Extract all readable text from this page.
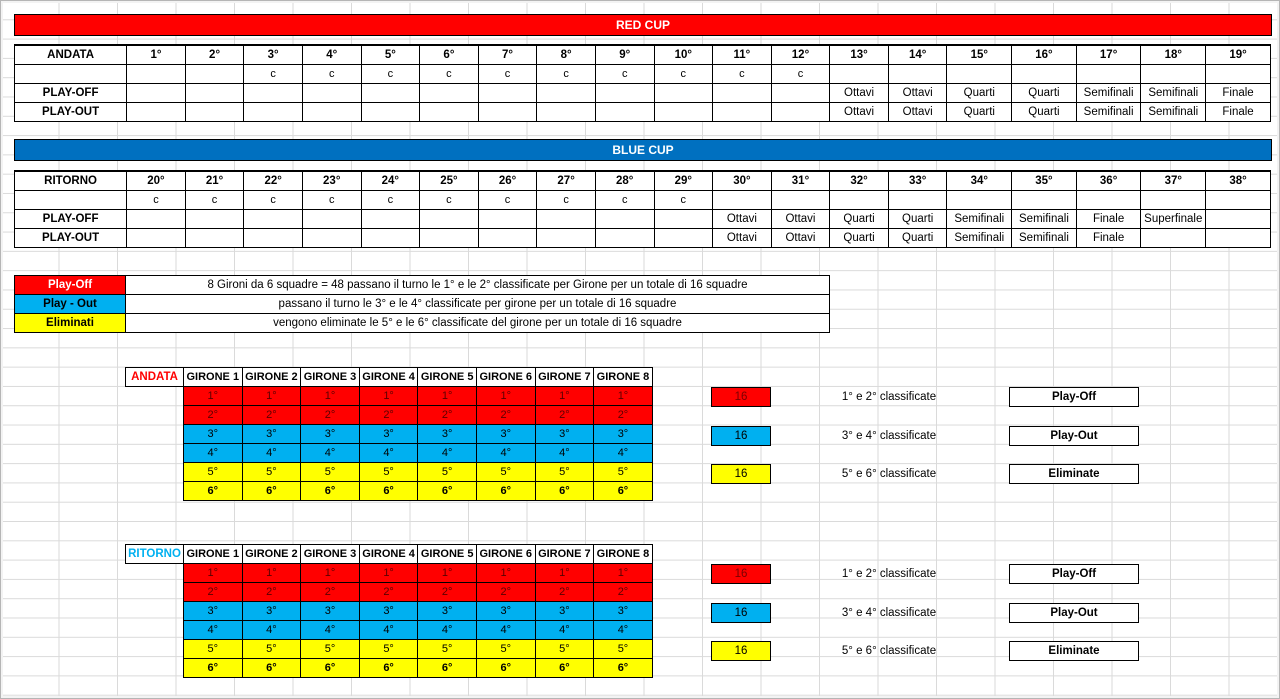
RED CUP
ANDATA	1°	2°	3°	4°	5°	6°	7°	8°	9°	10°	11°	12°	13°	14°	15°	16°	17°	18°	19°
			c	c	c	c	c	c	c	c	c	c							
PLAY-OFF													Ottavi	Ottavi	Quarti	Quarti	Semifinali	Semifinali	Finale
PLAY-OUT													Ottavi	Ottavi	Quarti	Quarti	Semifinali	Semifinali	Finale
BLUE CUP
RITORNO	20°	21°	22°	23°	24°	25°	26°	27°	28°	29°	30°	31°	32°	33°	34°	35°	36°	37°	38°
	c	c	c	c	c	c	c	c	c	c									
PLAY-OFF											Ottavi	Ottavi	Quarti	Quarti	Semifinali	Semifinali	Finale	Superfinale	
PLAY-OUT											Ottavi	Ottavi	Quarti	Quarti	Semifinali	Semifinali	Finale		
Play-Off	8 Gironi da 6 squadre = 48 passano il turno le 1° e le 2° classificate per Girone per un totale di 16 squadre
Play - Out	passano il turno le 3° e le 4° classificate per girone per un totale di 16 squadre
Eliminati	vengono eliminate le 5° e le 6° classificate del girone per un totale di 16 squadre
ANDATA	GIRONE 1	GIRONE 2	GIRONE 3	GIRONE 4	GIRONE 5	GIRONE 6	GIRONE 7	GIRONE 8
	1°	1°	1°	1°	1°	1°	1°	1°
	2°	2°	2°	2°	2°	2°	2°	2°
	3°	3°	3°	3°	3°	3°	3°	3°
	4°	4°	4°	4°	4°	4°	4°	4°
	5°	5°	5°	5°	5°	5°	5°	5°
	6°	6°	6°	6°	6°	6°	6°	6°
16	1° e 2° classificate	Play-Off
16	3° e 4° classificate	Play-Out
16	5° e 6° classificate	Eliminate
RITORNO	GIRONE 1	GIRONE 2	GIRONE 3	GIRONE 4	GIRONE 5	GIRONE 6	GIRONE 7	GIRONE 8
	1°	1°	1°	1°	1°	1°	1°	1°
	2°	2°	2°	2°	2°	2°	2°	2°
	3°	3°	3°	3°	3°	3°	3°	3°
	4°	4°	4°	4°	4°	4°	4°	4°
	5°	5°	5°	5°	5°	5°	5°	5°
	6°	6°	6°	6°	6°	6°	6°	6°
16	1° e 2° classificate	Play-Off
16	3° e 4° classificate	Play-Out
16	5° e 6° classificate	Eliminate
